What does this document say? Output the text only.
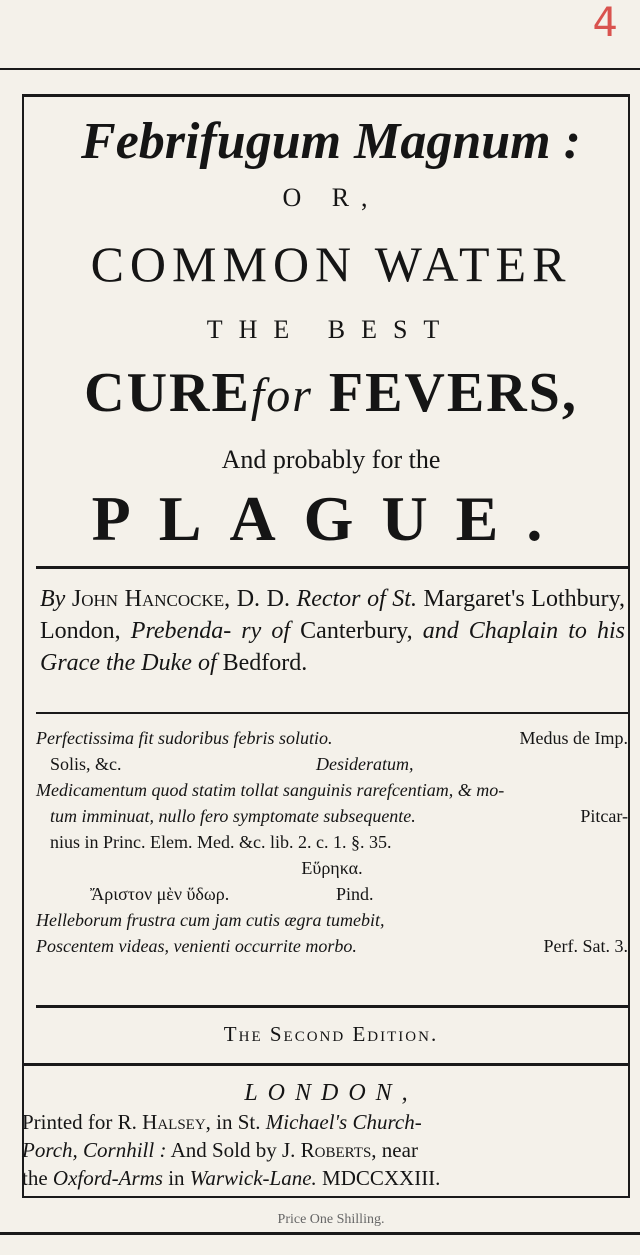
4
Febrifugum Magnum :
O R,
COMMON WATER
THE BEST
CUREfor FEVERS,
And probably for the
PLAGUE.
By John Hancocke, D. D. Rector of St. Margaret's Lothbury, London, Prebenda- ry of Canterbury, and Chaplain to his Grace the Duke of Bedford.
Perfectissima fit sudoribus febris solutio.	Medus de Imp.
Solis, &c.	Desideratum,
Medicamentum quod statim tollat sanguinis rarefcentiam, & mo-
tum imminuat, nullo fero symptomate subsequente.	Pitcar-
nius in Princ. Elem. Med. &c. lib. 2. c. 1. §. 35.
Εὕρηκα.
Ἄριστον μὲν ὕδωρ.	Pind.
Helleborum frustra cum jam cutis ægra tumebit,
Poscentem videas, venienti occurrite morbo.	Perf. Sat. 3.
The Second Edition.
LONDON,
Printed for R. Halsey, in St. Michael's Church-
Porch, Cornhill : And Sold by J. Roberts, near
the Oxford-Arms in Warwick-Lane. MDCCXXIII.
Price One Shilling.
